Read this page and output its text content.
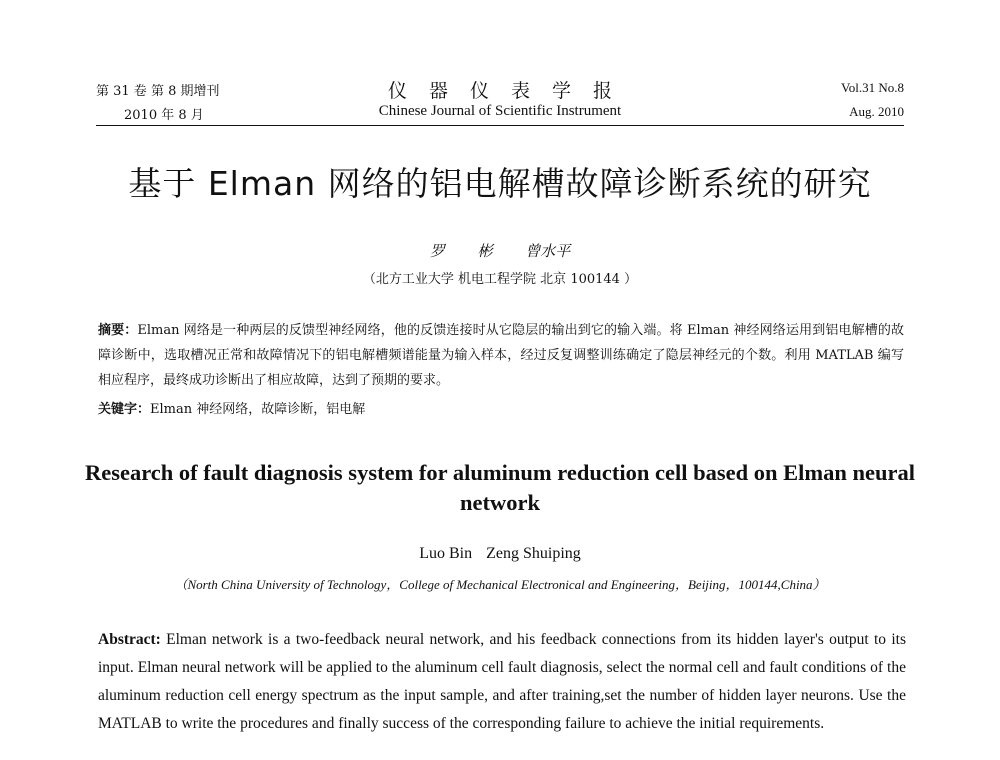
第 31 卷 第 8 期增刊
2010 年 8 月
仪器仪表学报
Chinese Journal of Scientific Instrument
Vol.31 No.8
Aug. 2010
基于 Elman 网络的铝电解槽故障诊断系统的研究
罗 彬 曾水平
（北方工业大学 机电工程学院 北京 100144 ）
摘要：Elman 网络是一种两层的反馈型神经网络，他的反馈连接时从它隐层的输出到它的输入端。将 Elman 神经网络运用到铝电解槽的故障诊断中，选取槽况正常和故障情况下的铝电解槽频谱能量为输入样本，经过反复调整训练确定了隐层神经元的个数。利用 MATLAB 编写相应程序，最终成功诊断出了相应故障，达到了预期的要求。
关键字：Elman 神经网络，故障诊断，铝电解
Research of fault diagnosis system for aluminum reduction cell based on Elman neural network
Luo Bin Zeng Shuiping
（North China University of Technology，College of Mechanical Electronical and Engineering，Beijing，100144,China）
Abstract: Elman network is a two-feedback neural network, and his feedback connections from its hidden layer's output to its input. Elman neural network will be applied to the aluminum cell fault diagnosis, select the normal cell and fault conditions of the aluminum reduction cell energy spectrum as the input sample, and after training,set the number of hidden layer neurons. Use the MATLAB to write the procedures and finally success of the corresponding failure to achieve the initial requirements.
